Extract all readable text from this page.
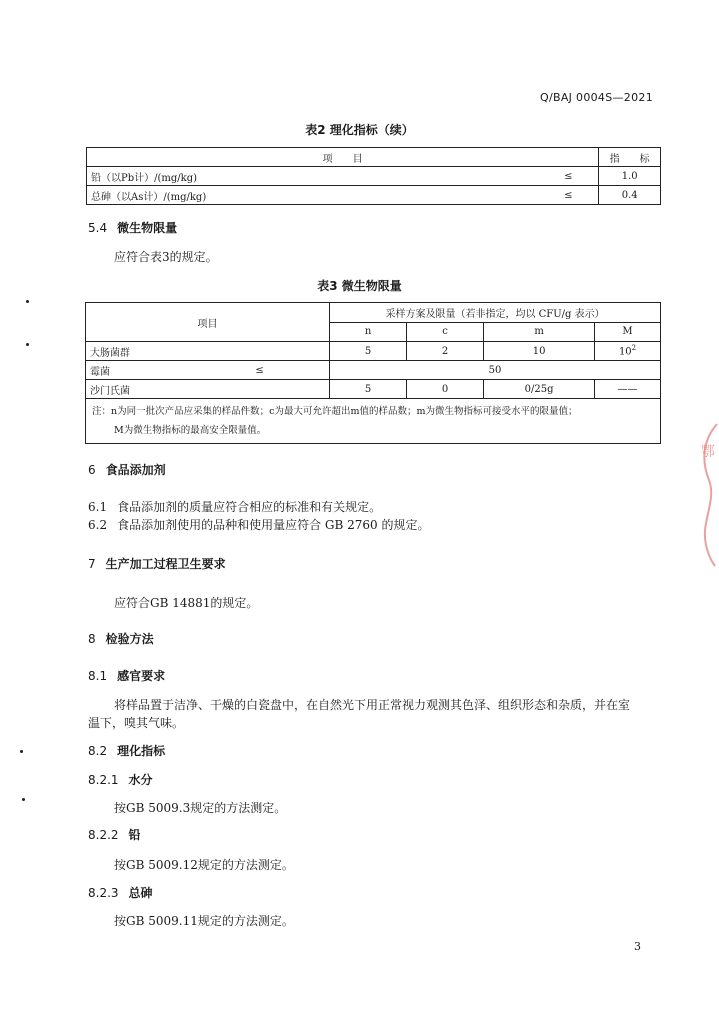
Q/BAJ 0004S—2021
表2 理化指标（续）
项　　目		指　　标
铅（以Pb计）/(mg/kg)	≤	1.0
总砷（以As计）/(mg/kg)	≤	0.4
5.4 微生物限量
应符合表3的规定。
表3 微生物限量
项目		采样方案及限量（若非指定，均以 CFU/g 表示）			
		n	c	m	M
大肠菌群		5	2	10	$10^2$
霉菌	≤	50			
沙门氏菌		5	0	0/25g	——

注：n为同一批次产品应采集的样品件数；c为最大可允许超出m值的样品数；m为微生物指标可接受水平的限量值；
M为微生物指标的最高安全限量值。					
6 食品添加剂
6.1 食品添加剂的质量应符合相应的标准和有关规定。
6.2 食品添加剂使用的品种和使用量应符合 GB 2760 的规定。
7 生产加工过程卫生要求
应符合GB 14881的规定。
8 检验方法
8.1 感官要求
将样品置于洁净、干燥的白瓷盘中，在自然光下用正常视力观测其色泽、组织形态和杂质，并在室
温下，嗅其气味。
8.2 理化指标
8.2.1 水分
按GB 5009.3规定的方法测定。
8.2.2 铅
按GB 5009.12规定的方法测定。
8.2.3 总砷
按GB 5009.11规定的方法测定。
3
鄂
